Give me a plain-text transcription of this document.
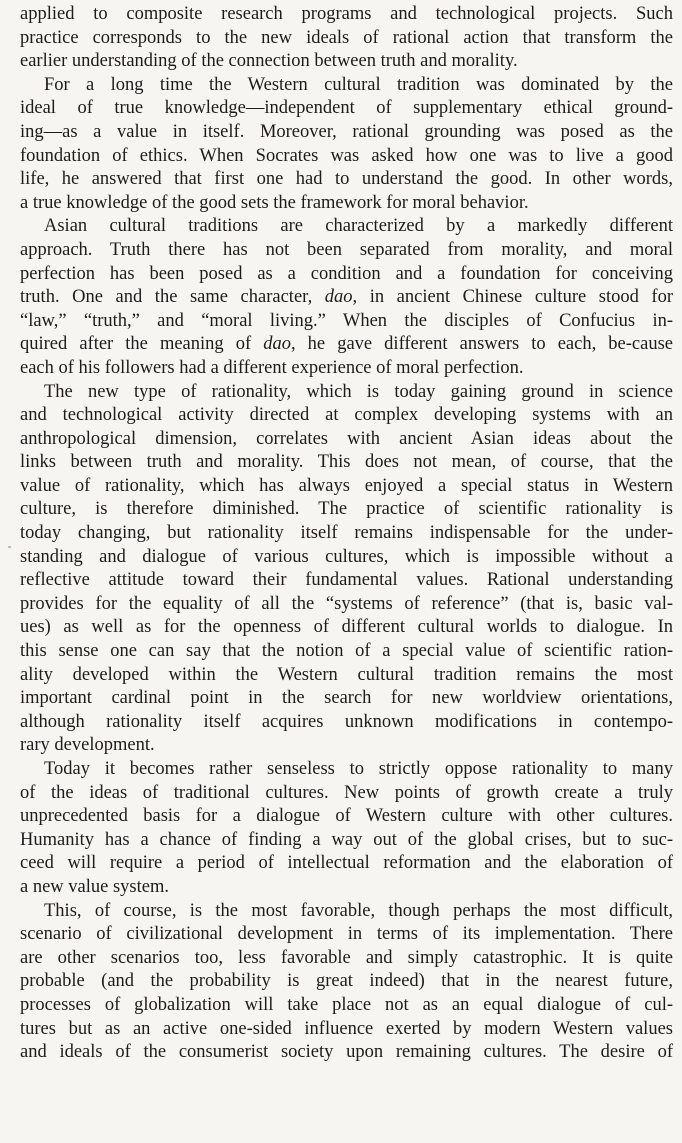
applied to composite research programs and technological projects. Such
practice corresponds to the new ideals of rational action that transform the
earlier understanding of the connection between truth and morality.
For a long time the Western cultural tradition was dominated by the
ideal of true knowledge—independent of supplementary ethical ground-
ing—as a value in itself. Moreover, rational grounding was posed as the
foundation of ethics. When Socrates was asked how one was to live a good
life, he answered that first one had to understand the good. In other words,
a true knowledge of the good sets the framework for moral behavior.
Asian cultural traditions are characterized by a markedly different
approach. Truth there has not been separated from morality, and moral
perfection has been posed as a condition and a foundation for conceiving
truth. One and the same character, dao, in ancient Chinese culture stood for
“law,” “truth,” and “moral living.” When the disciples of Confucius in-
quired after the meaning of dao, he gave different answers to each, be-cause
each of his followers had a different experience of moral perfection.
The new type of rationality, which is today gaining ground in science
and technological activity directed at complex developing systems with an
anthropological dimension, correlates with ancient Asian ideas about the
links between truth and morality. This does not mean, of course, that the
value of rationality, which has always enjoyed a special status in Western
culture, is therefore diminished. The practice of scientific rationality is
today changing, but rationality itself remains indispensable for the under-
standing and dialogue of various cultures, which is impossible without a
reflective attitude toward their fundamental values. Rational understanding
provides for the equality of all the “systems of reference” (that is, basic val-
ues) as well as for the openness of different cultural worlds to dialogue. In
this sense one can say that the notion of a special value of scientific ration-
ality developed within the Western cultural tradition remains the most
important cardinal point in the search for new worldview orientations,
although rationality itself acquires unknown modifications in contempo-
rary development.
Today it becomes rather senseless to strictly oppose rationality to many
of the ideas of traditional cultures. New points of growth create a truly
unprecedented basis for a dialogue of Western culture with other cultures.
Humanity has a chance of finding a way out of the global crises, but to suc-
ceed will require a period of intellectual reformation and the elaboration of
a new value system.
This, of course, is the most favorable, though perhaps the most difficult,
scenario of civilizational development in terms of its implementation. There
are other scenarios too, less favorable and simply catastrophic. It is quite
probable (and the probability is great indeed) that in the nearest future,
processes of globalization will take place not as an equal dialogue of cul-
tures but as an active one-sided influence exerted by modern Western values
and ideals of the consumerist society upon remaining cultures. The desire of
